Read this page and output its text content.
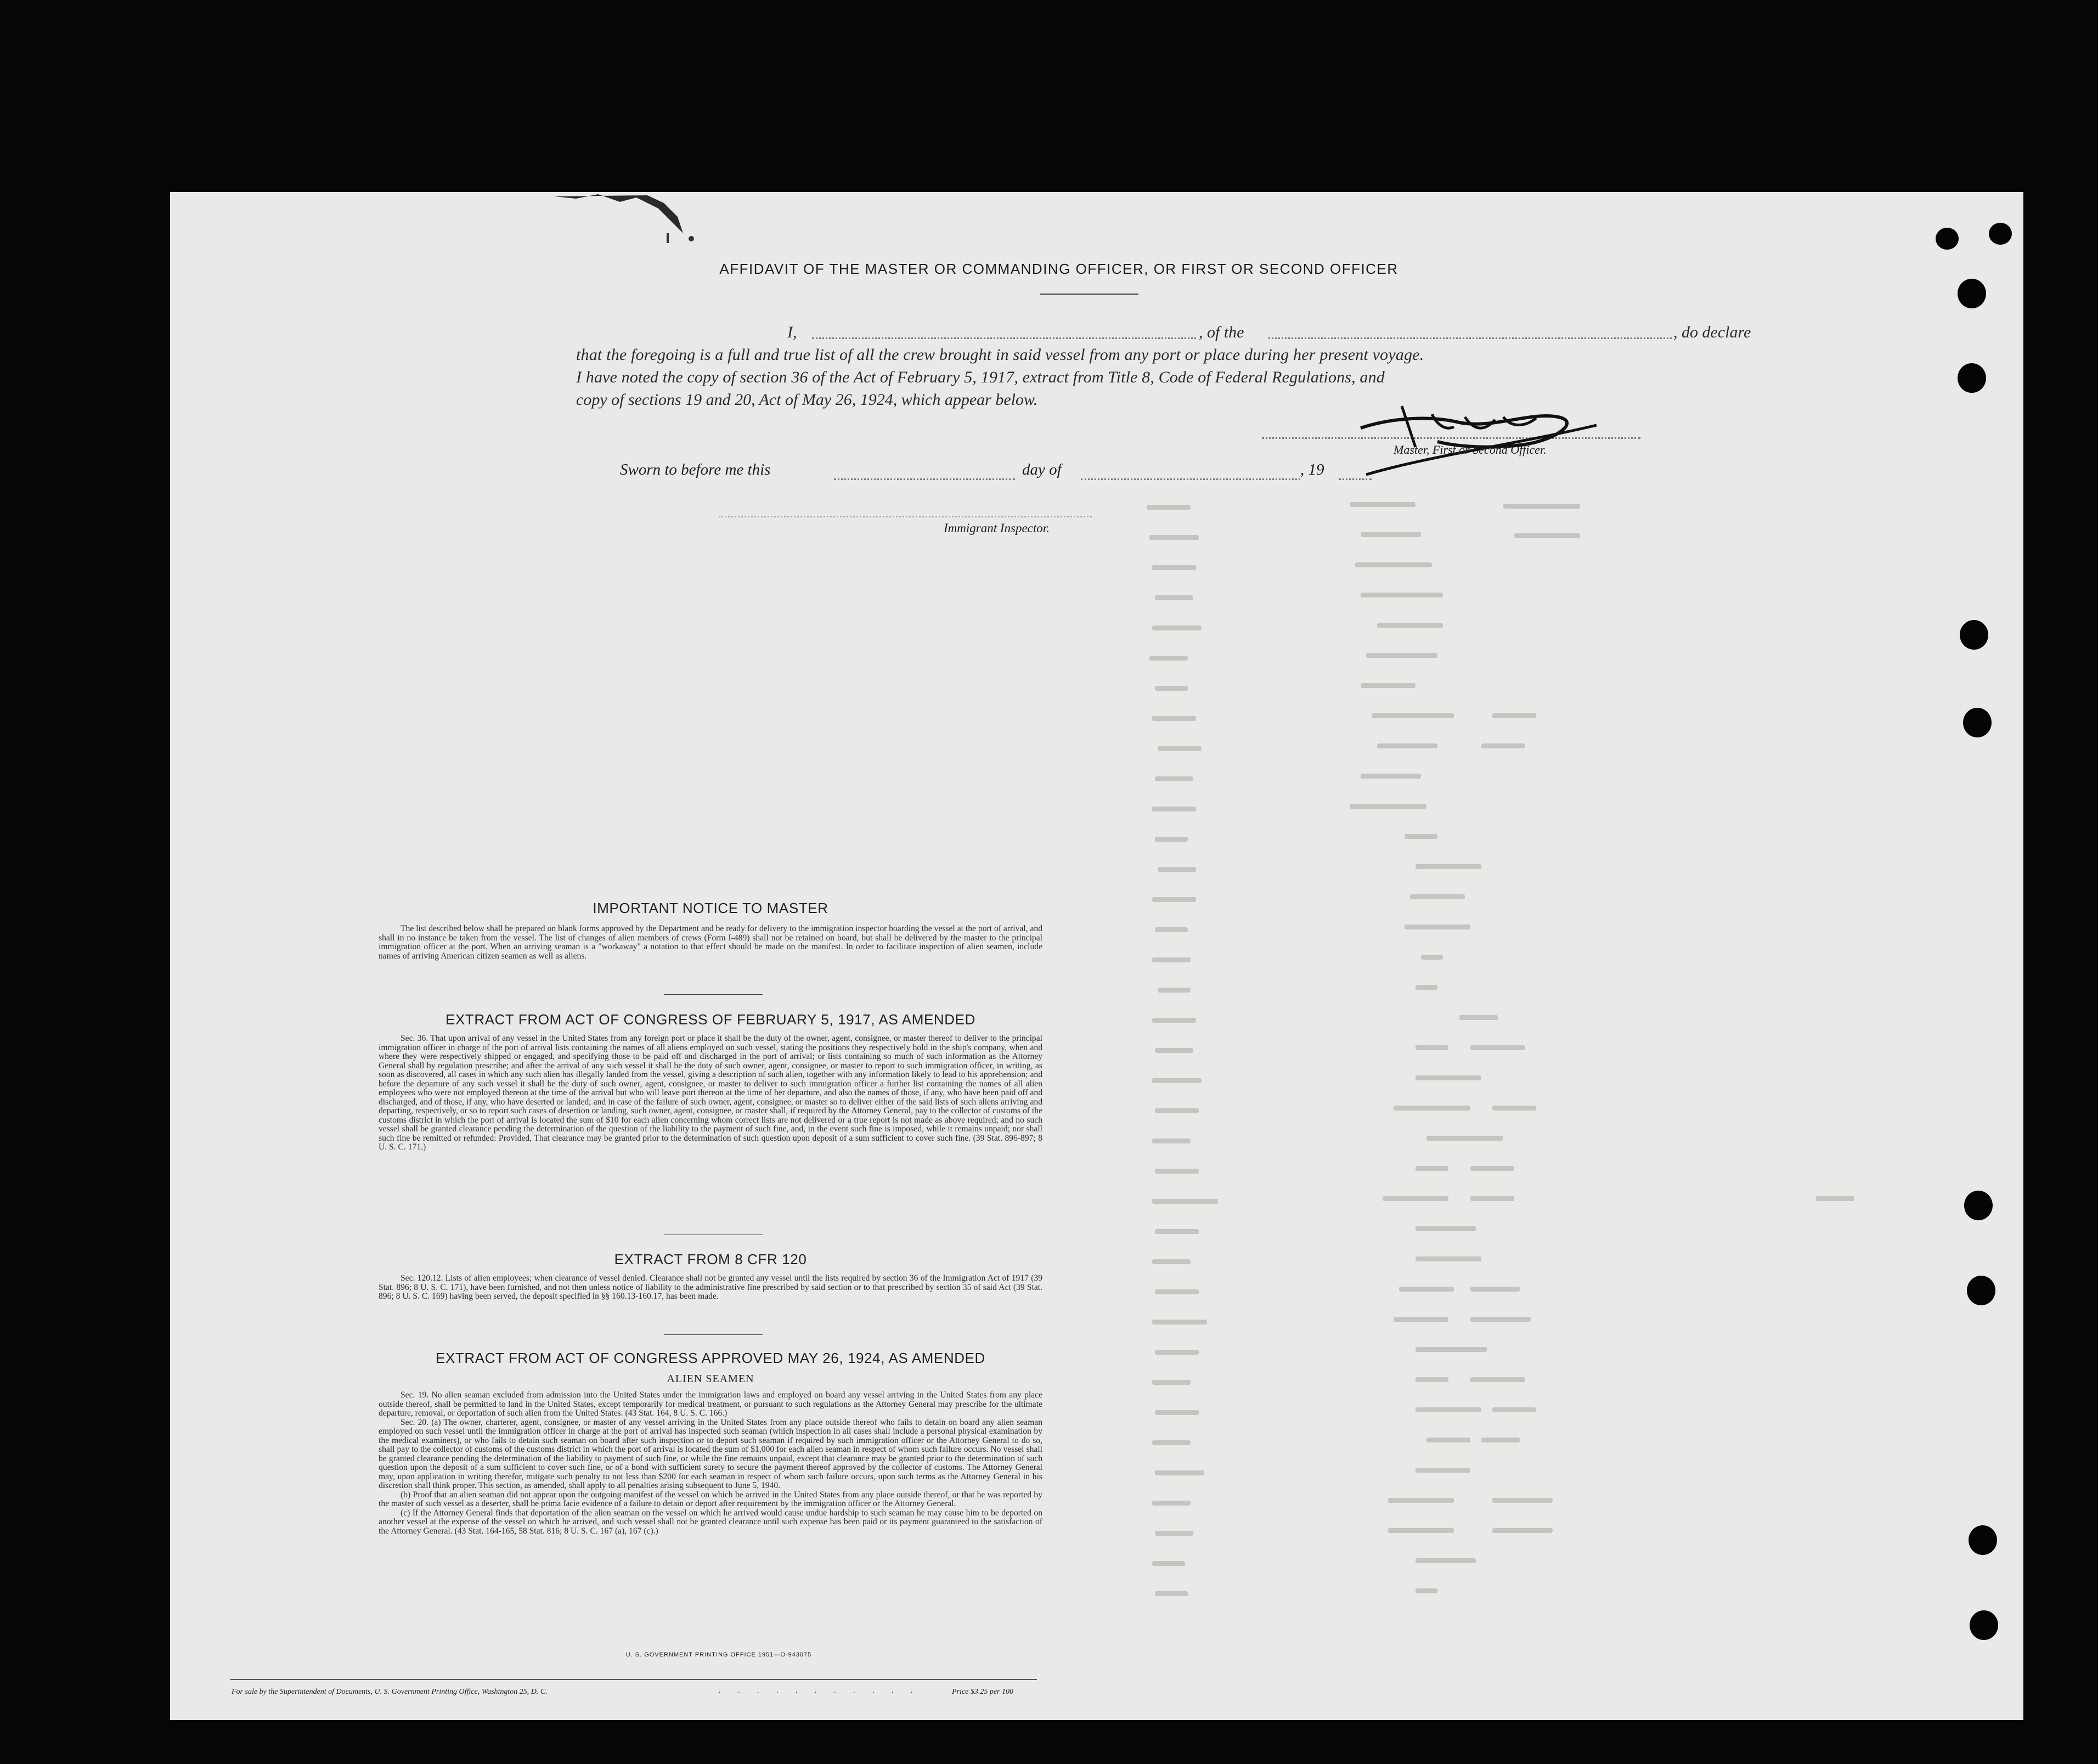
AFFIDAVIT OF THE MASTER OR COMMANDING OFFICER, OR FIRST OR SECOND OFFICER
I,	, of the	, do declare
that the foregoing is a full and true list of all the crew brought in said vessel from any port or place during her present voyage.
I have noted the copy of section 36 of the Act of February 5, 1917, extract from Title 8, Code of Federal Regulations, and
copy of sections 19 and 20, Act of May 26, 1924, which appear below.
Master, First or Second Officer.
Sworn to before me this	day of	, 19
Immigrant Inspector.
IMPORTANT NOTICE TO MASTER

The list described below shall be prepared on blank forms approved by the Department and be ready for delivery to the immigration inspector boarding the vessel at the port of arrival, and shall in no instance be taken from the vessel. The list of changes of alien members of crews (Form I-489) shall not be retained on board, but shall be delivered by the master to the principal immigration officer at the port. When an arriving seaman is a "workaway" a notation to that effect should be made on the manifest. In order to facilitate inspection of alien seamen, include names of arriving American citizen seamen as well as aliens.

EXTRACT FROM ACT OF CONGRESS OF FEBRUARY 5, 1917, AS AMENDED

Sec. 36. That upon arrival of any vessel in the United States from any foreign port or place it shall be the duty of the owner, agent, consignee, or master thereof to deliver to the principal immigration officer in charge of the port of arrival lists containing the names of all aliens employed on such vessel, stating the positions they respectively hold in the ship's company, when and where they were respectively shipped or engaged, and specifying those to be paid off and discharged in the port of arrival; or lists containing so much of such information as the Attorney General shall by regulation prescribe; and after the arrival of any such vessel it shall be the duty of such owner, agent, consignee, or master to report to such immigration officer, in writing, as soon as discovered, all cases in which any such alien has illegally landed from the vessel, giving a description of such alien, together with any information likely to lead to his apprehension; and before the departure of any such vessel it shall be the duty of such owner, agent, consignee, or master to deliver to such immigration officer a further list containing the names of all alien employees who were not employed thereon at the time of the arrival but who will leave port thereon at the time of her departure, and also the names of those, if any, who have been paid off and discharged, and of those, if any, who have deserted or landed; and in case of the failure of such owner, agent, consignee, or master so to deliver either of the said lists of such aliens arriving and departing, respectively, or so to report such cases of desertion or landing, such owner, agent, consignee, or master shall, if required by the Attorney General, pay to the collector of customs of the customs district in which the port of arrival is located the sum of $10 for each alien concerning whom correct lists are not delivered or a true report is not made as above required; and no such vessel shall be granted clearance pending the determination of the question of the liability to the payment of such fine, and, in the event such fine is imposed, while it remains unpaid; nor shall such fine be remitted or refunded: Provided, That clearance may be granted prior to the determination of such question upon deposit of a sum sufficient to cover such fine. (39 Stat. 896-897; 8 U. S. C. 171.)

EXTRACT FROM 8 CFR 120

Sec. 120.12. Lists of alien employees; when clearance of vessel denied. Clearance shall not be granted any vessel until the lists required by section 36 of the Immigration Act of 1917 (39 Stat. 896; 8 U. S. C. 171), have been furnished, and not then unless notice of liability to the administrative fine prescribed by said section or to that prescribed by section 35 of said Act (39 Stat. 896; 8 U. S. C. 169) having been served, the deposit specified in §§ 160.13-160.17, has been made.

EXTRACT FROM ACT OF CONGRESS APPROVED MAY 26, 1924, AS AMENDED
ALIEN SEAMEN

Sec. 19. No alien seaman excluded from admission into the United States under the immigration laws and employed on board any vessel arriving in the United States from any place outside thereof, shall be permitted to land in the United States, except temporarily for medical treatment, or pursuant to such regulations as the Attorney General may prescribe for the ultimate departure, removal, or deportation of such alien from the United States. (43 Stat. 164, 8 U. S. C. 166.)

Sec. 20. (a) The owner, charterer, agent, consignee, or master of any vessel arriving in the United States from any place outside thereof who fails to detain on board any alien seaman employed on such vessel until the immigration officer in charge at the port of arrival has inspected such seaman (which inspection in all cases shall include a personal physical examination by the medical examiners), or who fails to detain such seaman on board after such inspection or to deport such seaman if required by such immigration officer or the Attorney General to do so, shall pay to the collector of customs of the customs district in which the port of arrival is located the sum of $1,000 for each alien seaman in respect of whom such failure occurs. No vessel shall be granted clearance pending the determination of the liability to payment of such fine, or while the fine remains unpaid, except that clearance may be granted prior to the determination of such question upon the deposit of a sum sufficient to cover such fine, or of a bond with sufficient surety to secure the payment thereof approved by the collector of customs. The Attorney General may, upon application in writing therefor, mitigate such penalty to not less than $200 for each seaman in respect of whom such failure occurs, upon such terms as the Attorney General in his discretion shall think proper. This section, as amended, shall apply to all penalties arising subsequent to June 5, 1940.

(b) Proof that an alien seaman did not appear upon the outgoing manifest of the vessel on which he arrived in the United States from any place outside thereof, or that he was reported by the master of such vessel as a deserter, shall be prima facie evidence of a failure to detain or deport after requirement by the immigration officer or the Attorney General.

(c) If the Attorney General finds that deportation of the alien seaman on the vessel on which he arrived would cause undue hardship to such seaman he may cause him to be deported on another vessel at the expense of the vessel on which he arrived, and such vessel shall not be granted clearance until such expense has been paid or its payment guaranteed to the satisfaction of the Attorney General. (43 Stat. 164-165, 58 Stat. 816; 8 U. S. C. 167 (a), 167 (c).)

U. S. GOVERNMENT PRINTING OFFICE 1951—O-943075
For sale by the Superintendent of Documents, U. S. Government Printing Office, Washington 25, D. C.	. . . . . . . . . . .	Price $3.25 per 100
